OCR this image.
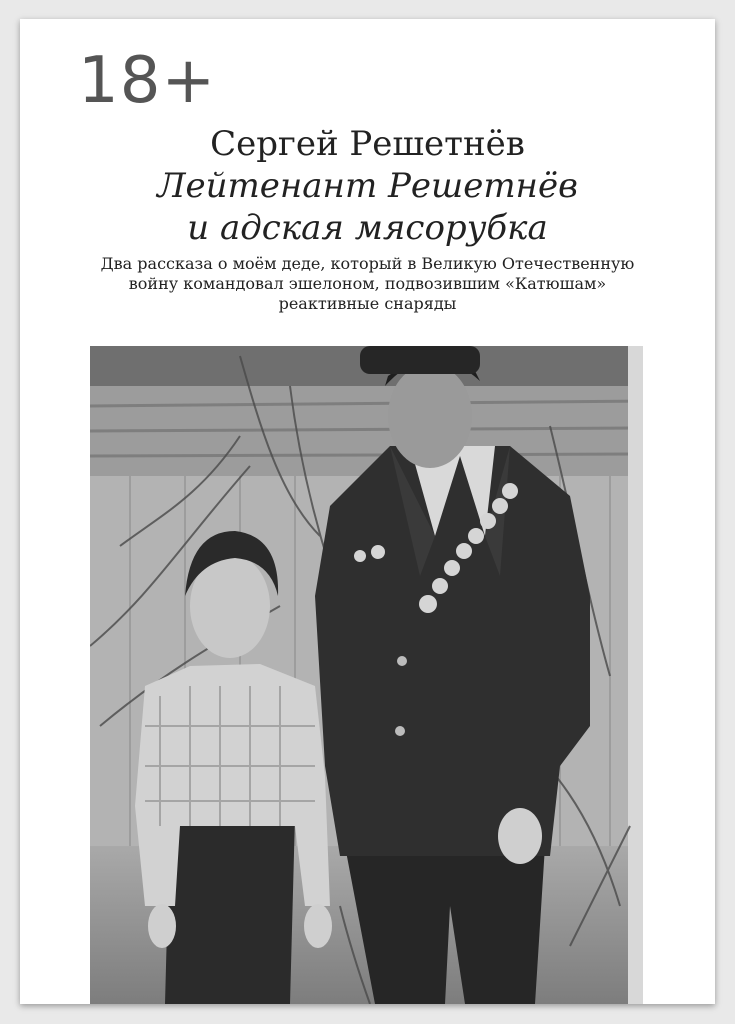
18+
Сергей Решетнёв
Лейтенант Решетнёв
и адская мясорубка
Два рассказа о моём деде, который в Великую Отечественную
войну командовал эшелоном, подвозившим «Катюшам»
реактивные снаряды
